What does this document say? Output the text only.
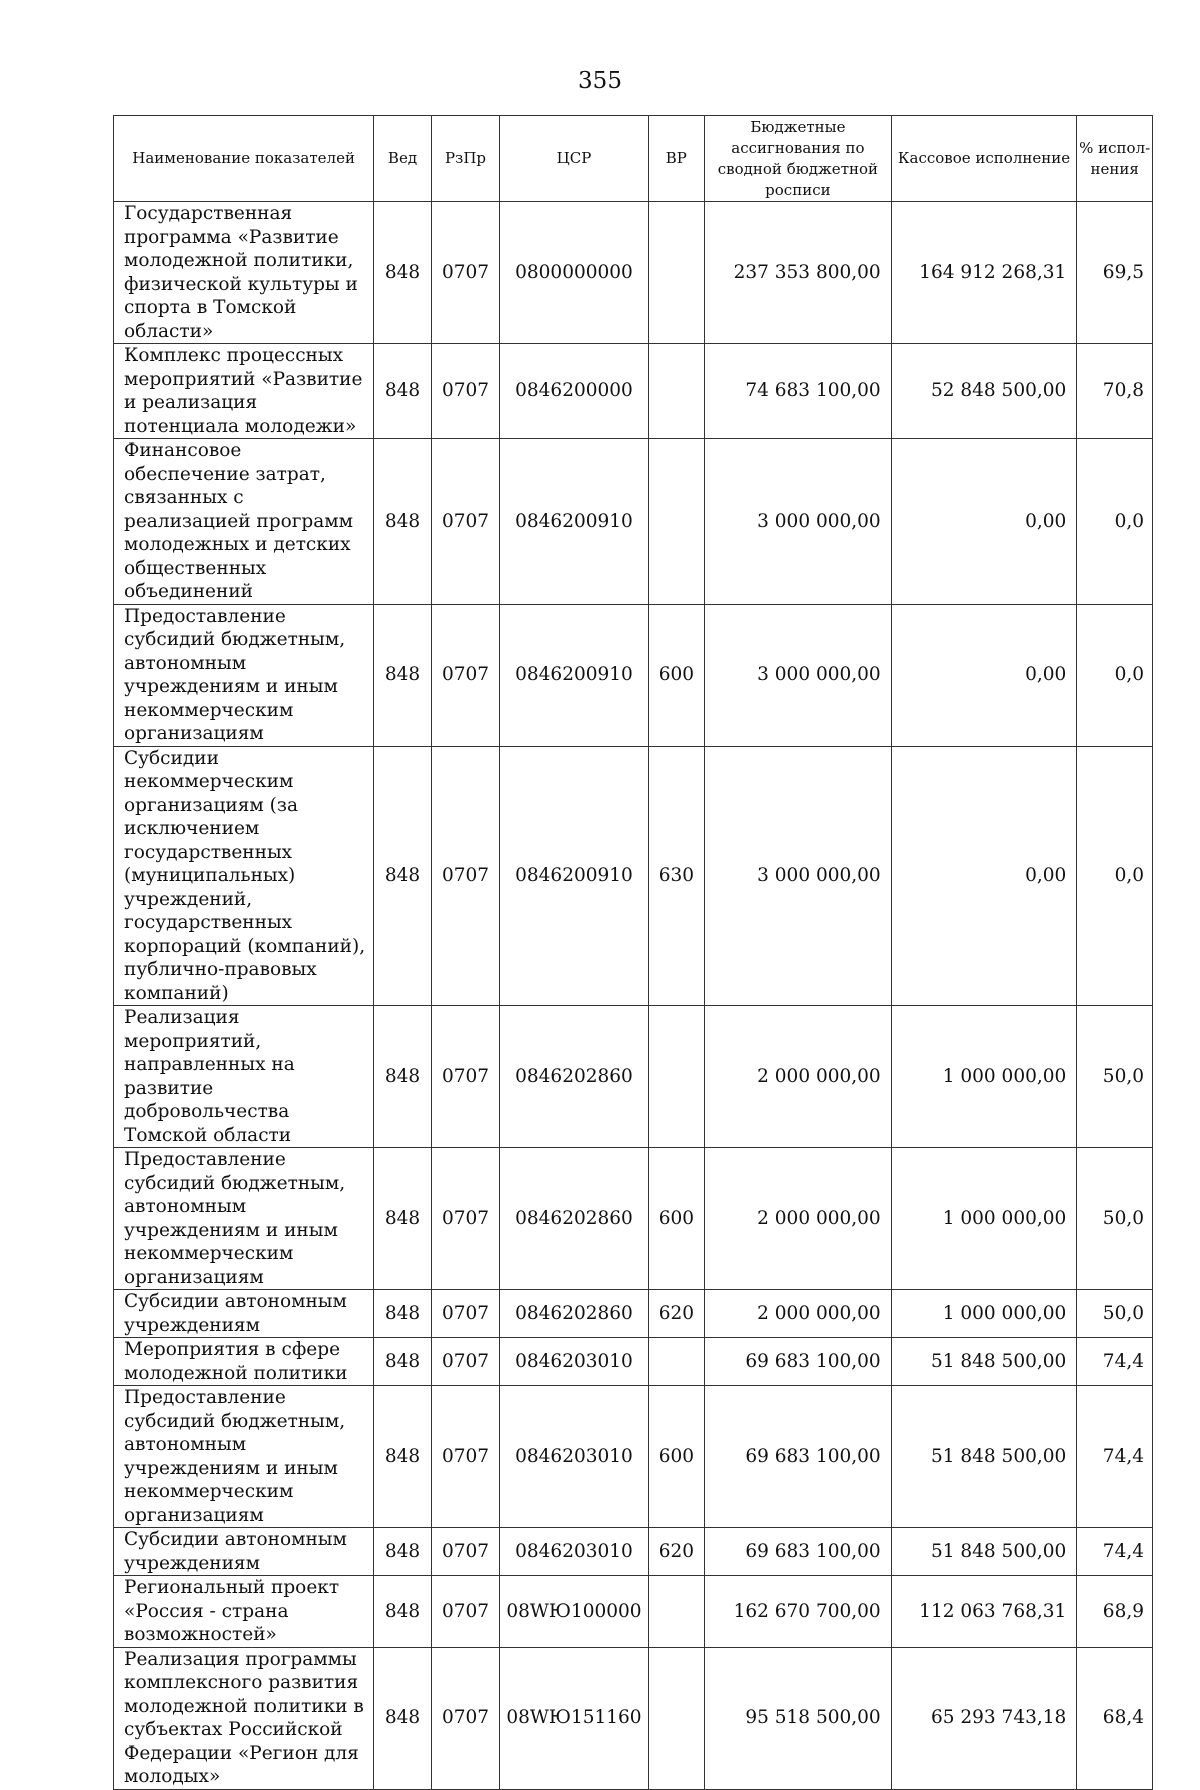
355
Наименование показателей	Вед	РзПр	ЦСР	ВР	Бюджетные ассигнования по сводной бюджетной росписи	Кассовое исполнение	% испол-нения
Государственная программа «Развитие молодежной политики, физической культуры и спорта в Томской области»	848	0707	0800000000		237 353 800,00	164 912 268,31	69,5
Комплекс процессных мероприятий «Развитие и реализация потенциала молодежи»	848	0707	0846200000		74 683 100,00	52 848 500,00	70,8
Финансовое обеспечение затрат, связанных с реализацией программ молодежных и детских общественных объединений	848	0707	0846200910		3 000 000,00	0,00	0,0
Предоставление субсидий бюджетным, автономным учреждениям и иным некоммерческим организациям	848	0707	0846200910	600	3 000 000,00	0,00	0,0
Субсидии некоммерческим организациям (за исключением государственных (муниципальных) учреждений, государственных корпораций (компаний), публично-правовых компаний)	848	0707	0846200910	630	3 000 000,00	0,00	0,0
Реализация мероприятий, направленных на развитие добровольчества Томской области	848	0707	0846202860		2 000 000,00	1 000 000,00	50,0
Предоставление субсидий бюджетным, автономным учреждениям и иным некоммерческим организациям	848	0707	0846202860	600	2 000 000,00	1 000 000,00	50,0
Субсидии автономным учреждениям	848	0707	0846202860	620	2 000 000,00	1 000 000,00	50,0
Мероприятия в сфере молодежной политики	848	0707	0846203010		69 683 100,00	51 848 500,00	74,4
Предоставление субсидий бюджетным, автономным учреждениям и иным некоммерческим организациям	848	0707	0846203010	600	69 683 100,00	51 848 500,00	74,4
Субсидии автономным учреждениям	848	0707	0846203010	620	69 683 100,00	51 848 500,00	74,4
Региональный проект «Россия - страна возможностей»	848	0707	08WЮ100000		162 670 700,00	112 063 768,31	68,9
Реализация программы комплексного развития молодежной политики в субъектах Российской Федерации «Регион для молодых»	848	0707	08WЮ151160		95 518 500,00	65 293 743,18	68,4
